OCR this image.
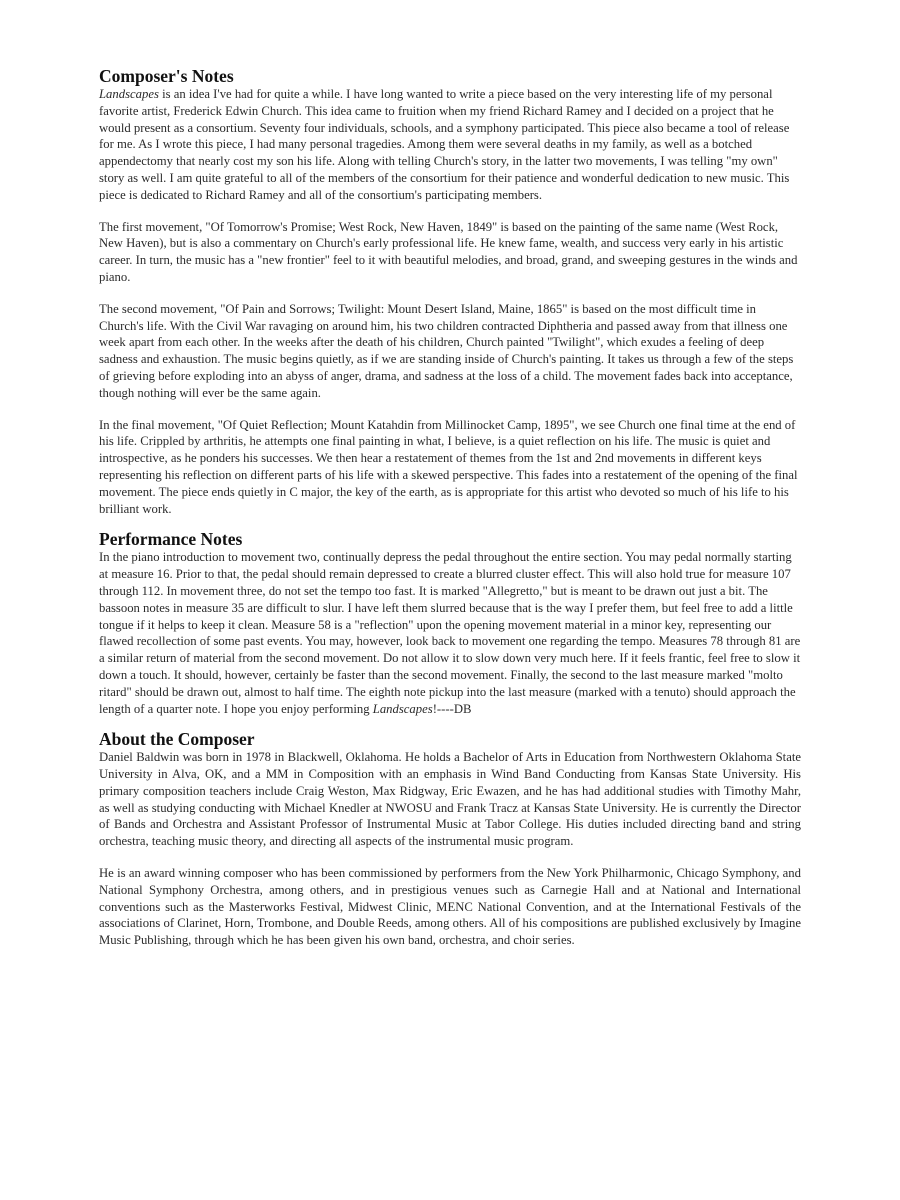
Composer's Notes

Landscapes is an idea I've had for quite a while. I have long wanted to write a piece based on the very interesting life of my personal favorite artist, Frederick Edwin Church. This idea came to fruition when my friend Richard Ramey and I decided on a project that he would present as a consortium. Seventy four individuals, schools, and a symphony participated. This piece also became a tool of release for me. As I wrote this piece, I had many personal tragedies. Among them were several deaths in my family, as well as a botched appendectomy that nearly cost my son his life. Along with telling Church's story, in the latter two movements, I was telling "my own" story as well. I am quite grateful to all of the members of the consortium for their patience and wonderful dedication to new music. This piece is dedicated to Richard Ramey and all of the consortium's participating members.

The first movement, "Of Tomorrow's Promise; West Rock, New Haven, 1849" is based on the painting of the same name (West Rock, New Haven), but is also a commentary on Church's early professional life. He knew fame, wealth, and success very early in his artistic career. In turn, the music has a "new frontier" feel to it with beautiful melodies, and broad, grand, and sweeping gestures in the winds and piano.

The second movement, "Of Pain and Sorrows; Twilight: Mount Desert Island, Maine, 1865" is based on the most difficult time in Church's life. With the Civil War ravaging on around him, his two children contracted Diphtheria and passed away from that illness one week apart from each other. In the weeks after the death of his children, Church painted "Twilight", which exudes a feeling of deep sadness and exhaustion. The music begins quietly, as if we are standing inside of Church's painting. It takes us through a few of the steps of grieving before exploding into an abyss of anger, drama, and sadness at the loss of a child. The movement fades back into acceptance, though nothing will ever be the same again.

In the final movement, "Of Quiet Reflection; Mount Katahdin from Millinocket Camp, 1895", we see Church one final time at the end of his life. Crippled by arthritis, he attempts one final painting in what, I believe, is a quiet reflection on his life. The music is quiet and introspective, as he ponders his successes. We then hear a restatement of themes from the 1st and 2nd movements in different keys representing his reflection on different parts of his life with a skewed perspective. This fades into a restatement of the opening of the final movement. The piece ends quietly in C major, the key of the earth, as is appropriate for this artist who devoted so much of his life to his brilliant work.

Performance Notes

In the piano introduction to movement two, continually depress the pedal throughout the entire section. You may pedal normally starting at measure 16. Prior to that, the pedal should remain depressed to create a blurred cluster effect. This will also hold true for measure 107 through 112. In movement three, do not set the tempo too fast. It is marked "Allegretto," but is meant to be drawn out just a bit. The bassoon notes in measure 35 are difficult to slur. I have left them slurred because that is the way I prefer them, but feel free to add a little tongue if it helps to keep it clean. Measure 58 is a "reflection" upon the opening movement material in a minor key, representing our flawed recollection of some past events. You may, however, look back to movement one regarding the tempo. Measures 78 through 81 are a similar return of material from the second movement. Do not allow it to slow down very much here. If it feels frantic, feel free to slow it down a touch. It should, however, certainly be faster than the second movement. Finally, the second to the last measure marked "molto ritard" should be drawn out, almost to half time. The eighth note pickup into the last measure (marked with a tenuto) should approach the length of a quarter note. I hope you enjoy performing Landscapes!----DB

About the Composer

Daniel Baldwin was born in 1978 in Blackwell, Oklahoma. He holds a Bachelor of Arts in Education from Northwestern Oklahoma State University in Alva, OK, and a MM in Composition with an emphasis in Wind Band Conducting from Kansas State University. His primary composition teachers include Craig Weston, Max Ridgway, Eric Ewazen, and he has had additional studies with Timothy Mahr, as well as studying conducting with Michael Knedler at NWOSU and Frank Tracz at Kansas State University. He is currently the Director of Bands and Orchestra and Assistant Professor of Instrumental Music at Tabor College. His duties included directing band and string orchestra, teaching music theory, and directing all aspects of the instrumental music program.

He is an award winning composer who has been commissioned by performers from the New York Philharmonic, Chicago Symphony, and National Symphony Orchestra, among others, and in prestigious venues such as Carnegie Hall and at National and International conventions such as the Masterworks Festival, Midwest Clinic, MENC National Convention, and at the International Festivals of the associations of Clarinet, Horn, Trombone, and Double Reeds, among others. All of his compositions are published exclusively by Imagine Music Publishing, through which he has been given his own band, orchestra, and choir series.
